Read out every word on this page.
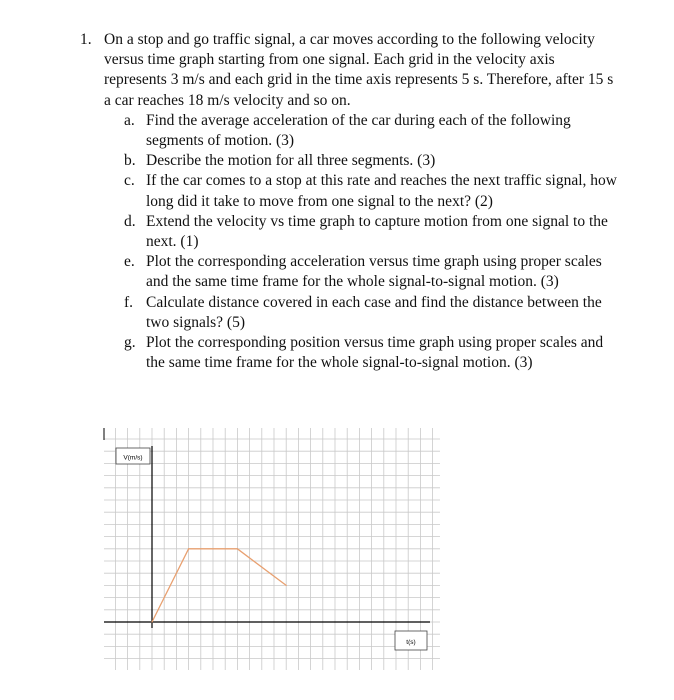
1. On a stop and go traffic signal, a car moves according to the following velocity versus time graph starting from one signal. Each grid in the velocity axis represents 3 m/s and each grid in the time axis represents 5 s. Therefore, after 15 s a car reaches 18 m/s velocity and so on.
a. Find the average acceleration of the car during each of the following segments of motion. (3)
b. Describe the motion for all three segments. (3)
c. If the car comes to a stop at this rate and reaches the next traffic signal, how long did it take to move from one signal to the next? (2)
d. Extend the velocity vs time graph to capture motion from one signal to the next. (1)
e. Plot the corresponding acceleration versus time graph using proper scales and the same time frame for the whole signal-to-signal motion. (3)
f. Calculate distance covered in each case and find the distance between the two signals? (5)
g. Plot the corresponding position versus time graph using proper scales and the same time frame for the whole signal-to-signal motion. (3)
V(m/s)
t(s)
